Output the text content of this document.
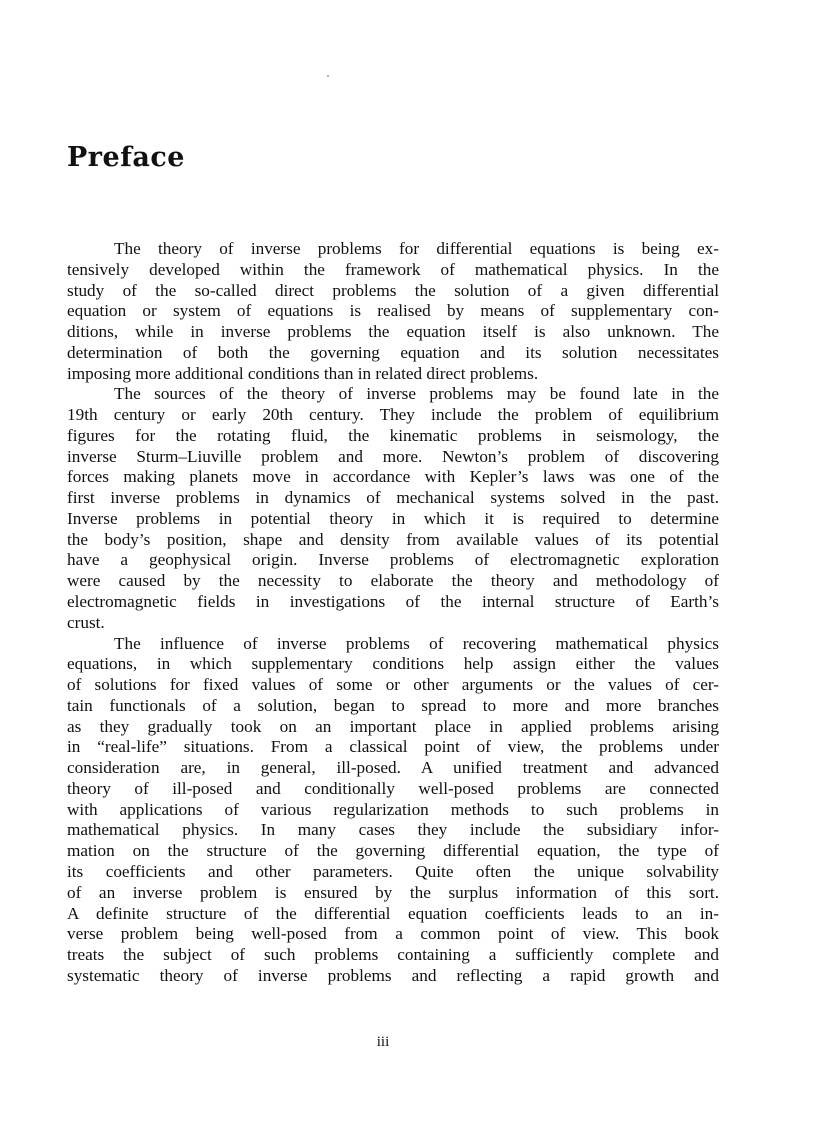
Preface
The theory of inverse problems for differential equations is being ex-
tensively developed within the framework of mathematical physics. In the
study of the so-called direct problems the solution of a given differential
equation or system of equations is realised by means of supplementary con-
ditions, while in inverse problems the equation itself is also unknown. The
determination of both the governing equation and its solution necessitates
imposing more additional conditions than in related direct problems.
The sources of the theory of inverse problems may be found late in the
19th century or early 20th century. They include the problem of equilibrium
figures for the rotating fluid, the kinematic problems in seismology, the
inverse Sturm–Liuville problem and more. Newton’s problem of discovering
forces making planets move in accordance with Kepler’s laws was one of the
first inverse problems in dynamics of mechanical systems solved in the past.
Inverse problems in potential theory in which it is required to determine
the body’s position, shape and density from available values of its potential
have a geophysical origin. Inverse problems of electromagnetic exploration
were caused by the necessity to elaborate the theory and methodology of
electromagnetic fields in investigations of the internal structure of Earth’s
crust.
The influence of inverse problems of recovering mathematical physics
equations, in which supplementary conditions help assign either the values
of solutions for fixed values of some or other arguments or the values of cer-
tain functionals of a solution, began to spread to more and more branches
as they gradually took on an important place in applied problems arising
in “real-life” situations. From a classical point of view, the problems under
consideration are, in general, ill-posed. A unified treatment and advanced
theory of ill-posed and conditionally well-posed problems are connected
with applications of various regularization methods to such problems in
mathematical physics. In many cases they include the subsidiary infor-
mation on the structure of the governing differential equation, the type of
its coefficients and other parameters. Quite often the unique solvability
of an inverse problem is ensured by the surplus information of this sort.
A definite structure of the differential equation coefficients leads to an in-
verse problem being well-posed from a common point of view. This book
treats the subject of such problems containing a sufficiently complete and
systematic theory of inverse problems and reflecting a rapid growth and
iii
